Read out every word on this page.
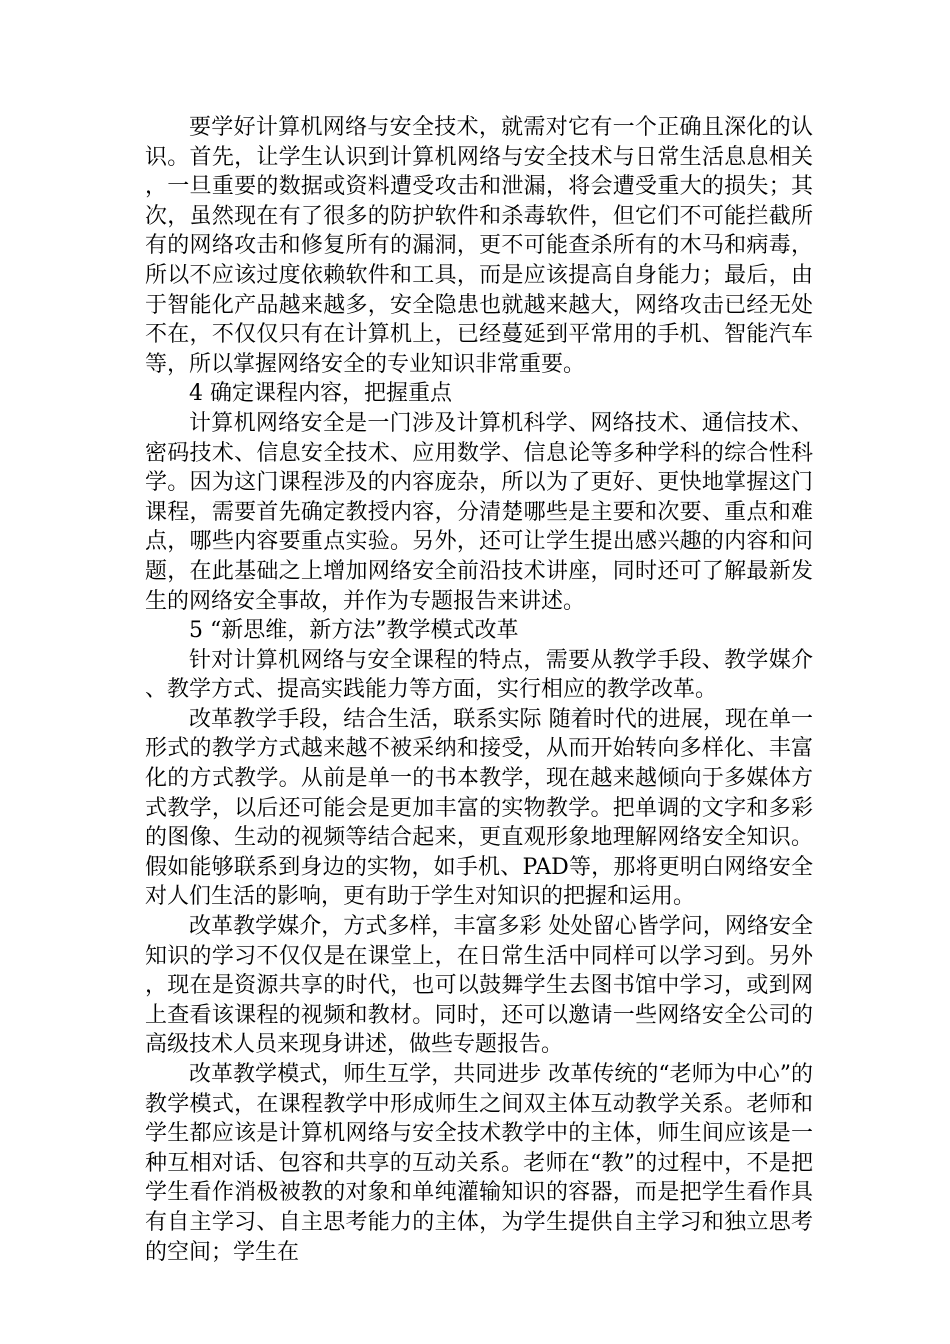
要学好计算机网络与安全技术，就需对它有一个正确且深化的认识。首先，让学生认识到计算机网络与安全技术与日常生活息息相关，一旦重要的数据或资料遭受攻击和泄漏，将会遭受重大的损失；其次，虽然现在有了很多的防护软件和杀毒软件，但它们不可能拦截所有的网络攻击和修复所有的漏洞，更不可能查杀所有的木马和病毒，所以不应该过度依赖软件和工具，而是应该提高自身能力；最后，由于智能化产品越来越多，安全隐患也就越来越大，网络攻击已经无处不在，不仅仅只有在计算机上，已经蔓延到平常用的手机、智能汽车等，所以掌握网络安全的专业知识非常重要。

4 确定课程内容，把握重点

计算机网络安全是一门涉及计算机科学、网络技术、通信技术、密码技术、信息安全技术、应用数学、信息论等多种学科的综合性科学。因为这门课程涉及的内容庞杂，所以为了更好、更快地掌握这门课程，需要首先确定教授内容，分清楚哪些是主要和次要、重点和难点，哪些内容要重点实验。另外，还可让学生提出感兴趣的内容和问题，在此基础之上增加网络安全前沿技术讲座，同时还可了解最新发生的网络安全事故，并作为专题报告来讲述。

5 “新思维，新方法”教学模式改革

针对计算机网络与安全课程的特点，需要从教学手段、教学媒介、教学方式、提高实践能力等方面，实行相应的教学改革。

改革教学手段，结合生活，联系实际 随着时代的进展，现在单一形式的教学方式越来越不被采纳和接受，从而开始转向多样化、丰富化的方式教学。从前是单一的书本教学，现在越来越倾向于多媒体方式教学，以后还可能会是更加丰富的实物教学。把单调的文字和多彩的图像、生动的视频等结合起来，更直观形象地理解网络安全知识。假如能够联系到身边的实物，如手机、PAD等，那将更明白网络安全对人们生活的影响，更有助于学生对知识的把握和运用。

改革教学媒介，方式多样，丰富多彩 处处留心皆学问，网络安全知识的学习不仅仅是在课堂上，在日常生活中同样可以学习到。另外，现在是资源共享的时代，也可以鼓舞学生去图书馆中学习，或到网上查看该课程的视频和教材。同时，还可以邀请一些网络安全公司的高级技术人员来现身讲述，做些专题报告。

改革教学模式，师生互学，共同进步 改革传统的“老师为中心”的教学模式，在课程教学中形成师生之间双主体互动教学关系。老师和学生都应该是计算机网络与安全技术教学中的主体，师生间应该是一种互相对话、包容和共享的互动关系。老师在“教”的过程中，不是把学生看作消极被教的对象和单纯灌输知识的容器，而是把学生看作具有自主学习、自主思考能力的主体，为学生提供自主学习和独立思考的空间；学生在
